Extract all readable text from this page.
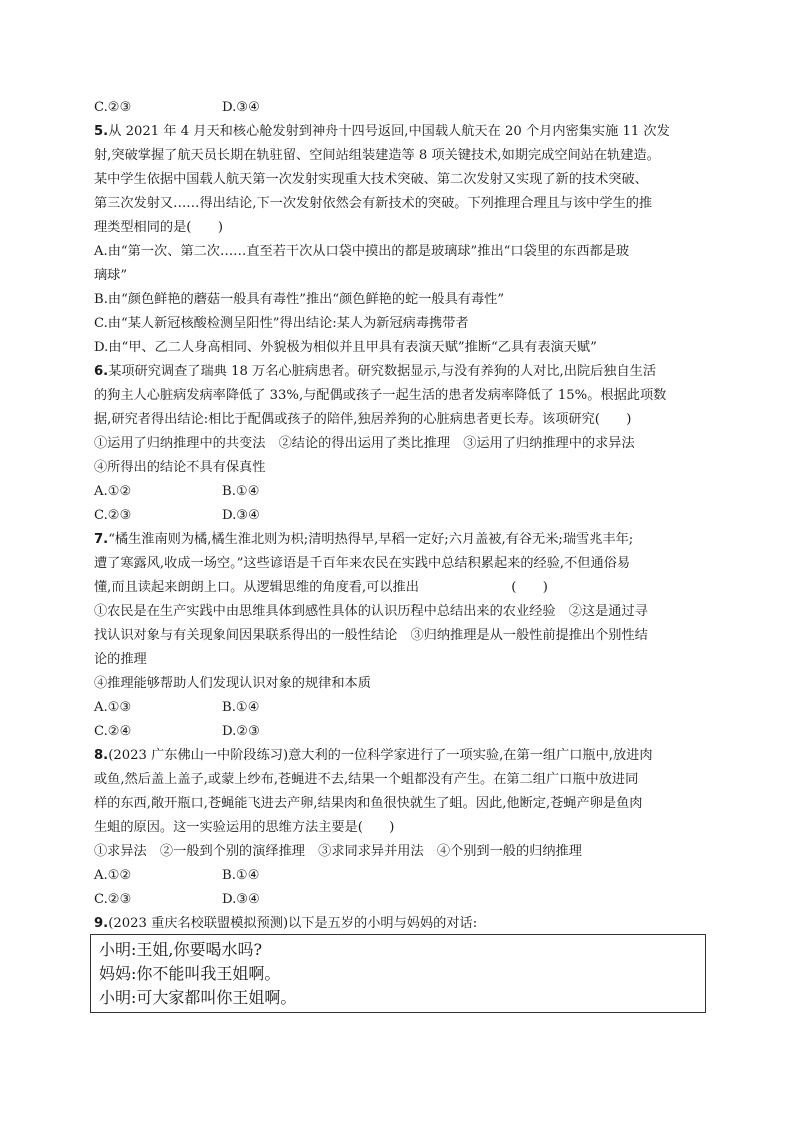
C.②③	D.③④
5.从 2021 年 4 月天和核心舱发射到神舟十四号返回,中国载人航天在 20 个月内密集实施 11 次发
射,突破掌握了航天员长期在轨驻留、空间站组装建造等 8 项关键技术,如期完成空间站在轨建造。
某中学生依据中国载人航天第一次发射实现重大技术突破、第二次发射又实现了新的技术突破、
第三次发射又……得出结论,下一次发射依然会有新技术的突破。下列推理合理且与该中学生的推
理类型相同的是(　　)
A.由“第一次、第二次……直至若干次从口袋中摸出的都是玻璃球”推出“口袋里的东西都是玻
璃球”
B.由“颜色鲜艳的蘑菇一般具有毒性”推出“颜色鲜艳的蛇一般具有毒性”
C.由“某人新冠核酸检测呈阳性”得出结论:某人为新冠病毒携带者
D.由“甲、乙二人身高相同、外貌极为相似并且甲具有表演天赋”推断“乙具有表演天赋”
6.某项研究调查了瑞典 18 万名心脏病患者。研究数据显示,与没有养狗的人对比,出院后独自生活
的狗主人心脏病发病率降低了 33%,与配偶或孩子一起生活的患者发病率降低了 15%。根据此项数
据,研究者得出结论:相比于配偶或孩子的陪伴,独居养狗的心脏病患者更长寿。该项研究(　　)
①运用了归纳推理中的共变法　②结论的得出运用了类比推理　③运用了归纳推理中的求异法
④所得出的结论不具有保真性
A.①②	B.①④
C.②③	D.③④
7.“橘生淮南则为橘,橘生淮北则为枳;清明热得早,早稻一定好;六月盖被,有谷无米;瑞雪兆丰年;
遭了寒露风,收成一场空。”这些谚语是千百年来农民在实践中总结积累起来的经验,不但通俗易
懂,而且读起来朗朗上口。从逻辑思维的角度看,可以推出　　　　　　　(　　)
①农民是在生产实践中由思维具体到感性具体的认识历程中总结出来的农业经验　②这是通过寻
找认识对象与有关现象间因果联系得出的一般性结论　③归纳推理是从一般性前提推出个别性结
论的推理
④推理能够帮助人们发现认识对象的规律和本质
A.①③	B.①④
C.②④	D.②③
8.(2023 广东佛山一中阶段练习)意大利的一位科学家进行了一项实验,在第一组广口瓶中,放进肉
或鱼,然后盖上盖子,或蒙上纱布,苍蝇进不去,结果一个蛆都没有产生。在第二组广口瓶中放进同
样的东西,敞开瓶口,苍蝇能飞进去产卵,结果肉和鱼很快就生了蛆。因此,他断定,苍蝇产卵是鱼肉
生蛆的原因。这一实验运用的思维方法主要是(　　)
①求异法　②一般到个别的演绎推理　③求同求异并用法　④个别到一般的归纳推理
A.①②	B.①④
C.②③	D.③④
9.(2023 重庆名校联盟模拟预测)以下是五岁的小明与妈妈的对话:
小明:王姐,你要喝水吗?
妈妈:你不能叫我王姐啊。
小明:可大家都叫你王姐啊。
